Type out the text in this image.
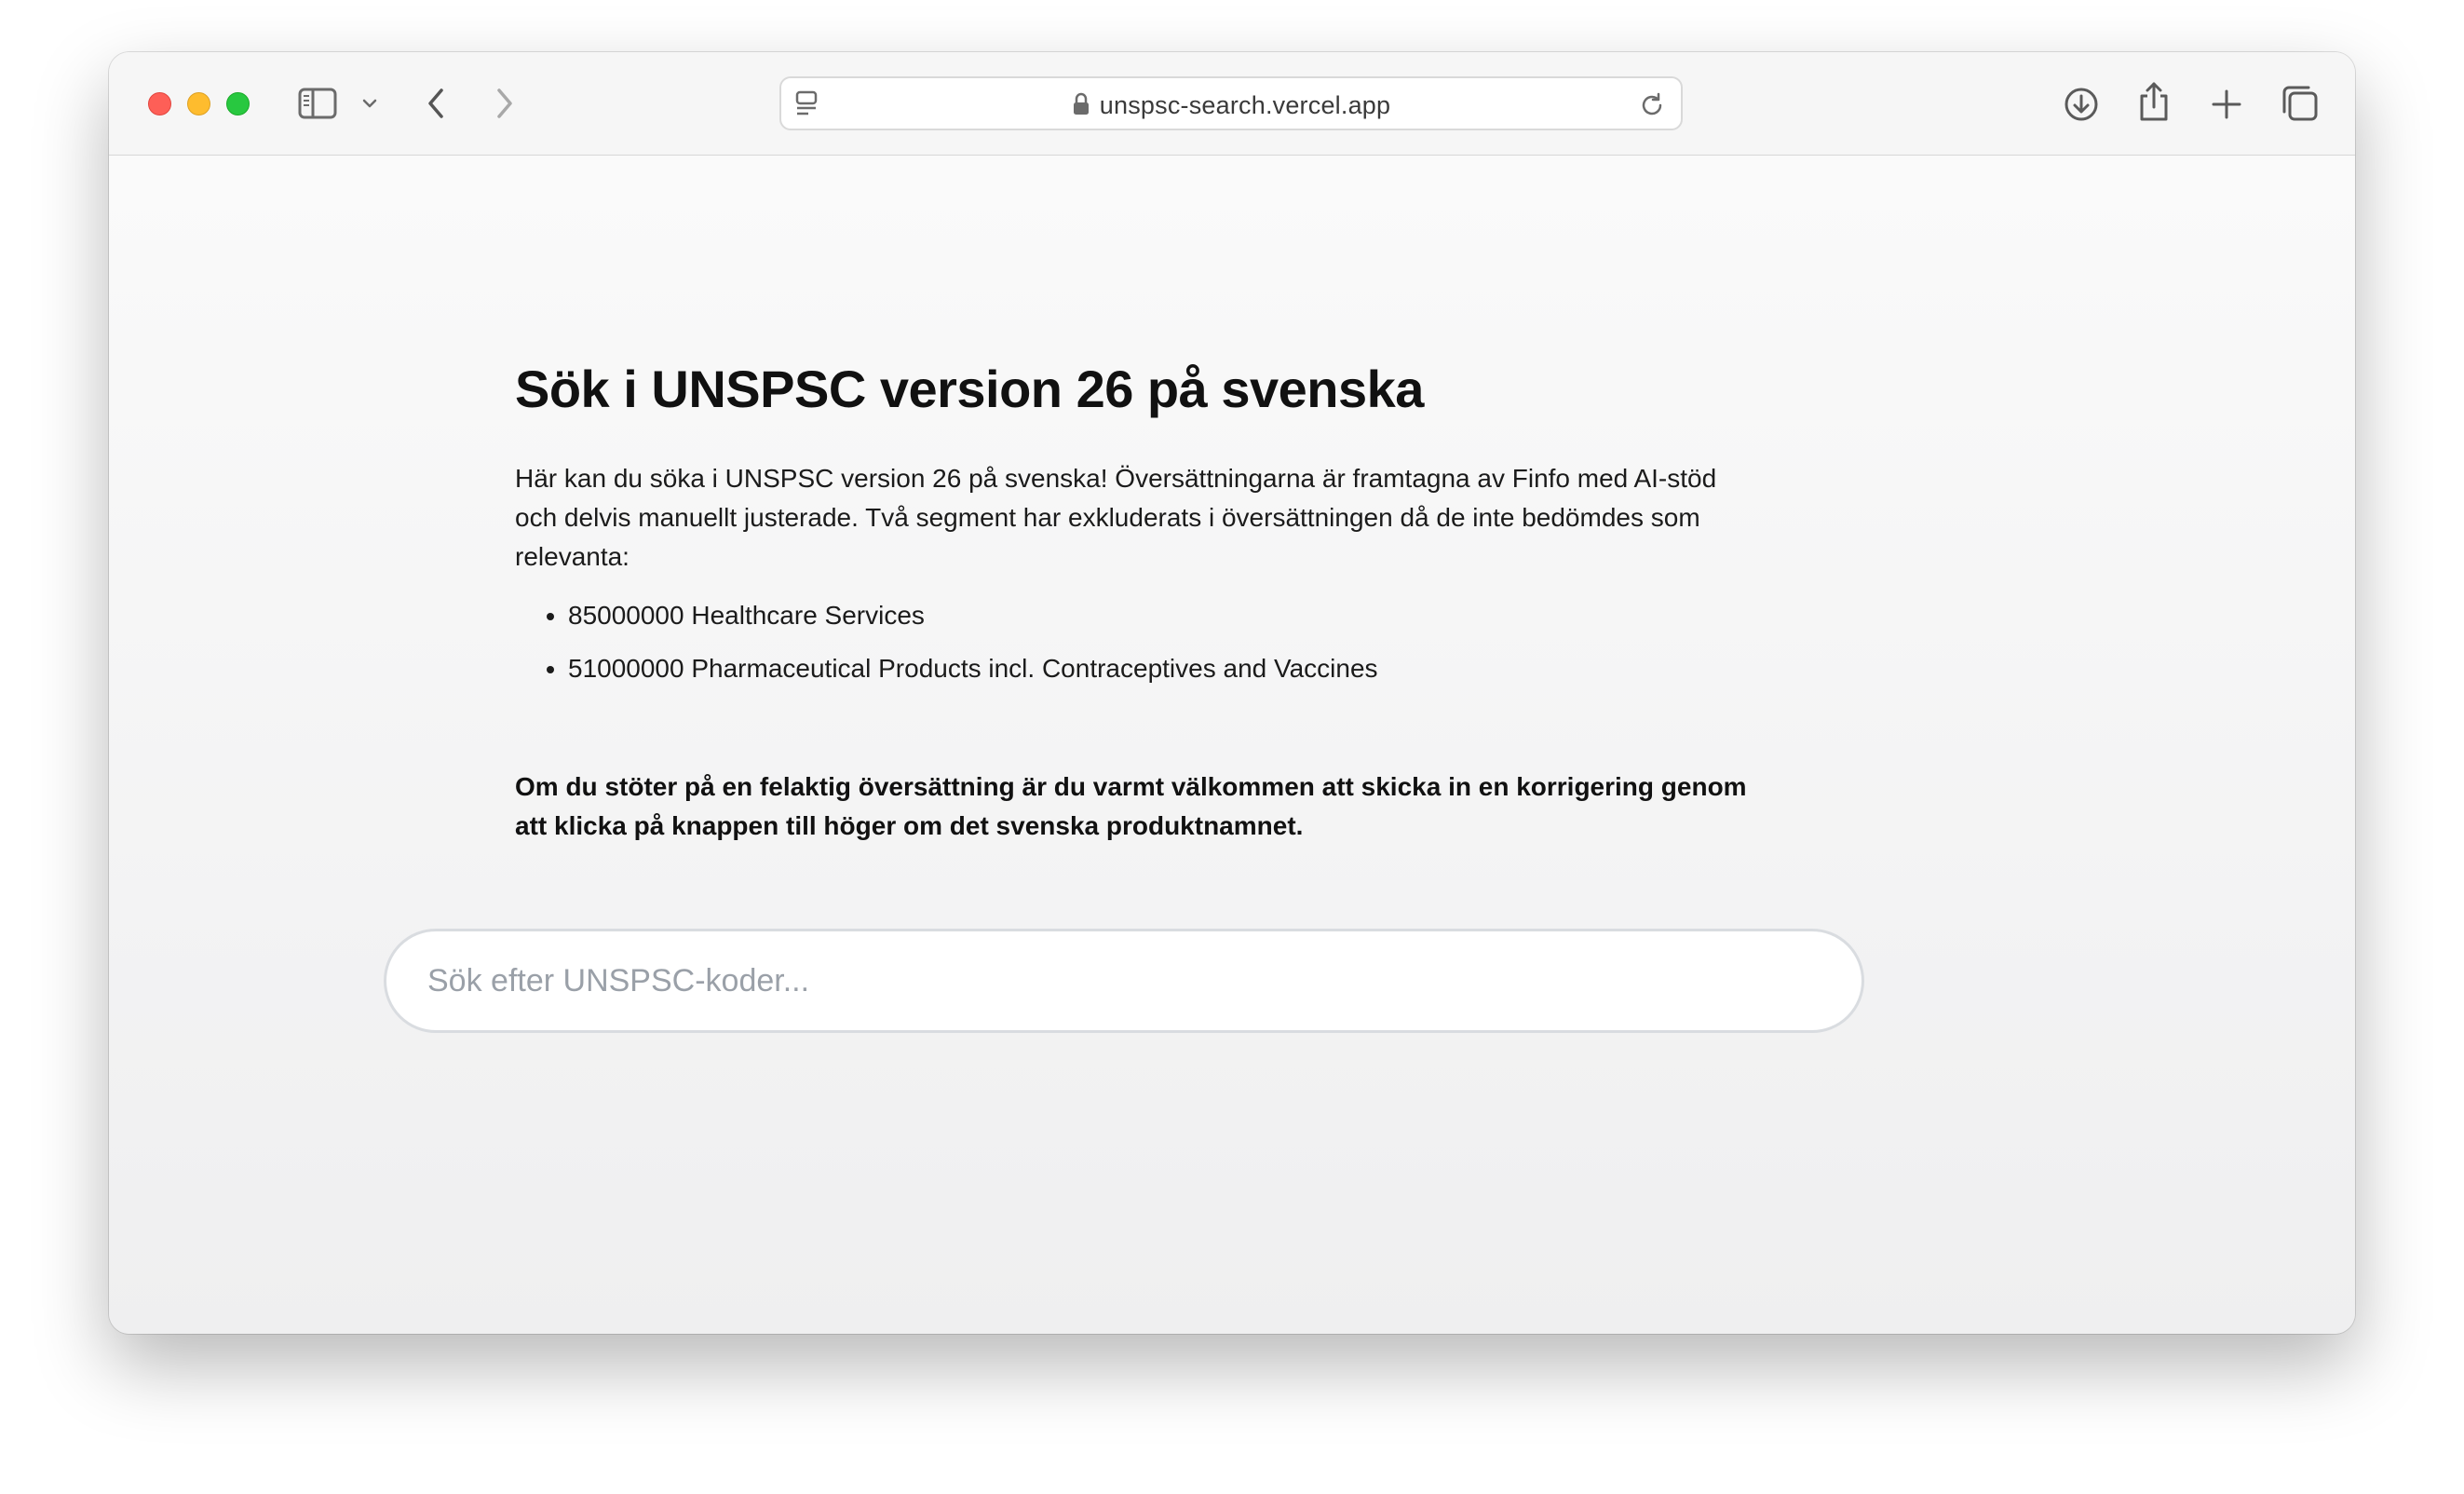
unspsc-search.vercel.app
Sök i UNSPSC version 26 på svenska

Här kan du söka i UNSPSC version 26 på svenska! Översättningarna är framtagna av Finfo med AI-stöd och delvis manuellt justerade. Två segment har exkluderats i översättningen då de inte bedömdes som relevanta:

• 85000000 Healthcare Services
• 51000000 Pharmaceutical Products incl. Contraceptives and Vaccines

Om du stöter på en felaktig översättning är du varmt välkommen att skicka in en korrigering genom att klicka på knappen till höger om det svenska produktnamnet.

Sök efter UNSPSC-koder...
